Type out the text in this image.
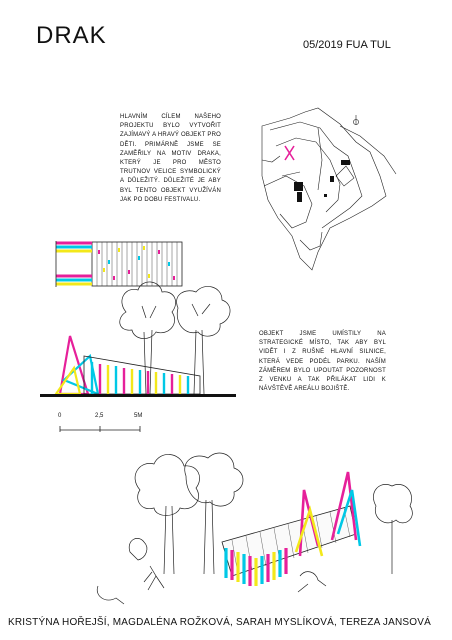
DRAK	05/2019 FUA TUL
HLAVNÍM CÍLEM NAŠEHO PROJEKTU BYLO VYTVOŘIT ZAJÍMAVÝ A HRAVÝ OBJEKT PRO DĚTI. PRIMÁRNĚ JSME SE ZAMĚŘILY NA MOTIV DRAKA, KTERÝ JE PRO MĚSTO TRUTNOV VELICE SYMBOLICKÝ A DŮLEŽITÝ. DŮLEŽITÉ JE ABY BYL TENTO OBJEKT VYUŽÍVÁN JAK PO DOBU FESTIVALU.
OBJEKT JSME UMÍSTILY NA STRATEGICKÉ MÍSTO, TAK ABY BYL VIDĚT I Z RUŠNÉ HLAVNÍ SILNICE, KTERÁ VEDE PODÉL PARKU. NAŠÍM ZÁMĚREM BYLO UPOUTAT POZORNOST Z VENKU A TAK PŘILÁKAT LIDI K NÁVŠTĚVĚ AREÁLU BOJIŠTĚ.
0	2,5	5M
KRISTÝNA HOŘEJŠÍ, MAGDALÉNA ROŽKOVÁ, SARAH MYSLÍKOVÁ, TEREZA JANSOVÁ
